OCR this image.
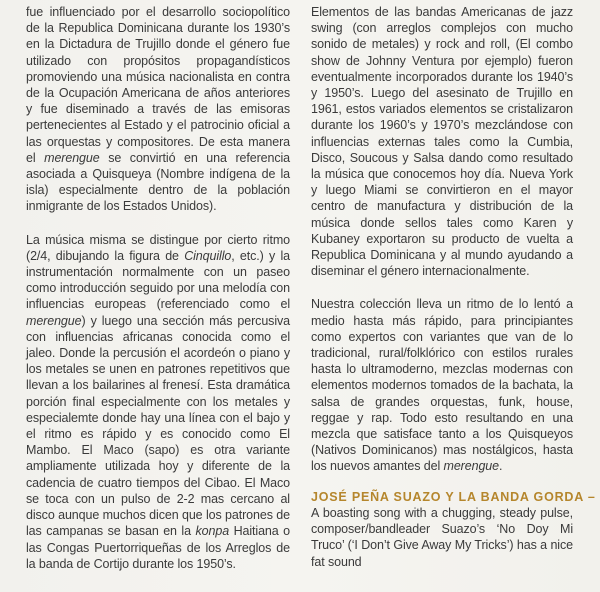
fue influenciado por el desarrollo sociopolítico de la Republica Dominicana durante los 1930’s en la Dictadura de Trujillo donde el género fue utilizado con propósitos propagandísticos promoviendo una música nacionalista en contra de la Ocupación Americana de años anteriores y fue diseminado a través de las emisoras pertenecientes al Estado y el patrocinio oficial a las orquestas y compositores. De esta manera el merengue se convirtió en una referencia asociada a Quisqueya (Nombre indígena de la isla) especialmente dentro de la población inmigrante de los Estados Unidos).

La música misma se distingue por cierto ritmo (2/4, dibujando la figura de Cinquillo, etc.) y la instrumentación normalmente con un paseo como introducción seguido por una melodía con influencias europeas (referenciado como el merengue) y luego una sección más percusiva con influencias africanas conocida como el jaleo. Donde la percusión el acordeón o piano y los metales se unen en patrones repetitivos que llevan a los bailarines al frenesí. Esta dramática porción final especialmente con los metales y especialemte donde hay una línea con el bajo y el ritmo es rápido y es conocido como El Mambo. El Maco (sapo) es otra variante ampliamente utilizada hoy y diferente de la cadencia de cuatro tiempos del Cibao. El Maco se toca con un pulso de 2-2 mas cercano al disco aunque muchos dicen que los patrones de las campanas se basan en la konpa Haitiana o las Congas Puertorriqueñas de los Arreglos de la banda de Cortijo durante los 1950’s.

Elementos de las bandas Americanas de jazz swing (con arreglos complejos con mucho sonido de metales) y rock and roll, (El combo show de Johnny Ventura por ejemplo) fueron eventualmente incorporados durante los 1940’s y 1950’s. Luego del asesinato de Trujillo en 1961, estos variados elementos se cristalizaron durante los 1960’s y 1970’s mezclándose con influencias externas tales como la Cumbia, Disco, Soucous y Salsa dando como resultado la música que conocemos hoy día. Nueva York y luego Miami se convirtieron en el mayor centro de manufactura y distribución de la música donde sellos tales como Karen y Kubaney exportaron su producto de vuelta a Republica Dominicana y al mundo ayudando a diseminar el género internacionalmente.

Nuestra colección lleva un ritmo de lo lentó a medio hasta más rápido, para principiantes como expertos con variantes que van de lo tradicional, rural/folklórico con estilos rurales hasta lo ultramoderno, mezclas modernas con elementos modernos tomados de la bachata, la salsa de grandes orquestas, funk, house, reggae y rap. Todo esto resultando en una mezcla que satisface tanto a los Quisqueyos (Nativos Dominicanos) mas nostálgicos, hasta los nuevos amantes del merengue.

JOSÉ PEÑA SUAZO Y LA BANDA GORDA –

A boasting song with a chugging, steady pulse, composer/bandleader Suazo’s ‘No Doy Mi Truco’ (‘I Don’t Give Away My Tricks’) has a nice fat sound
